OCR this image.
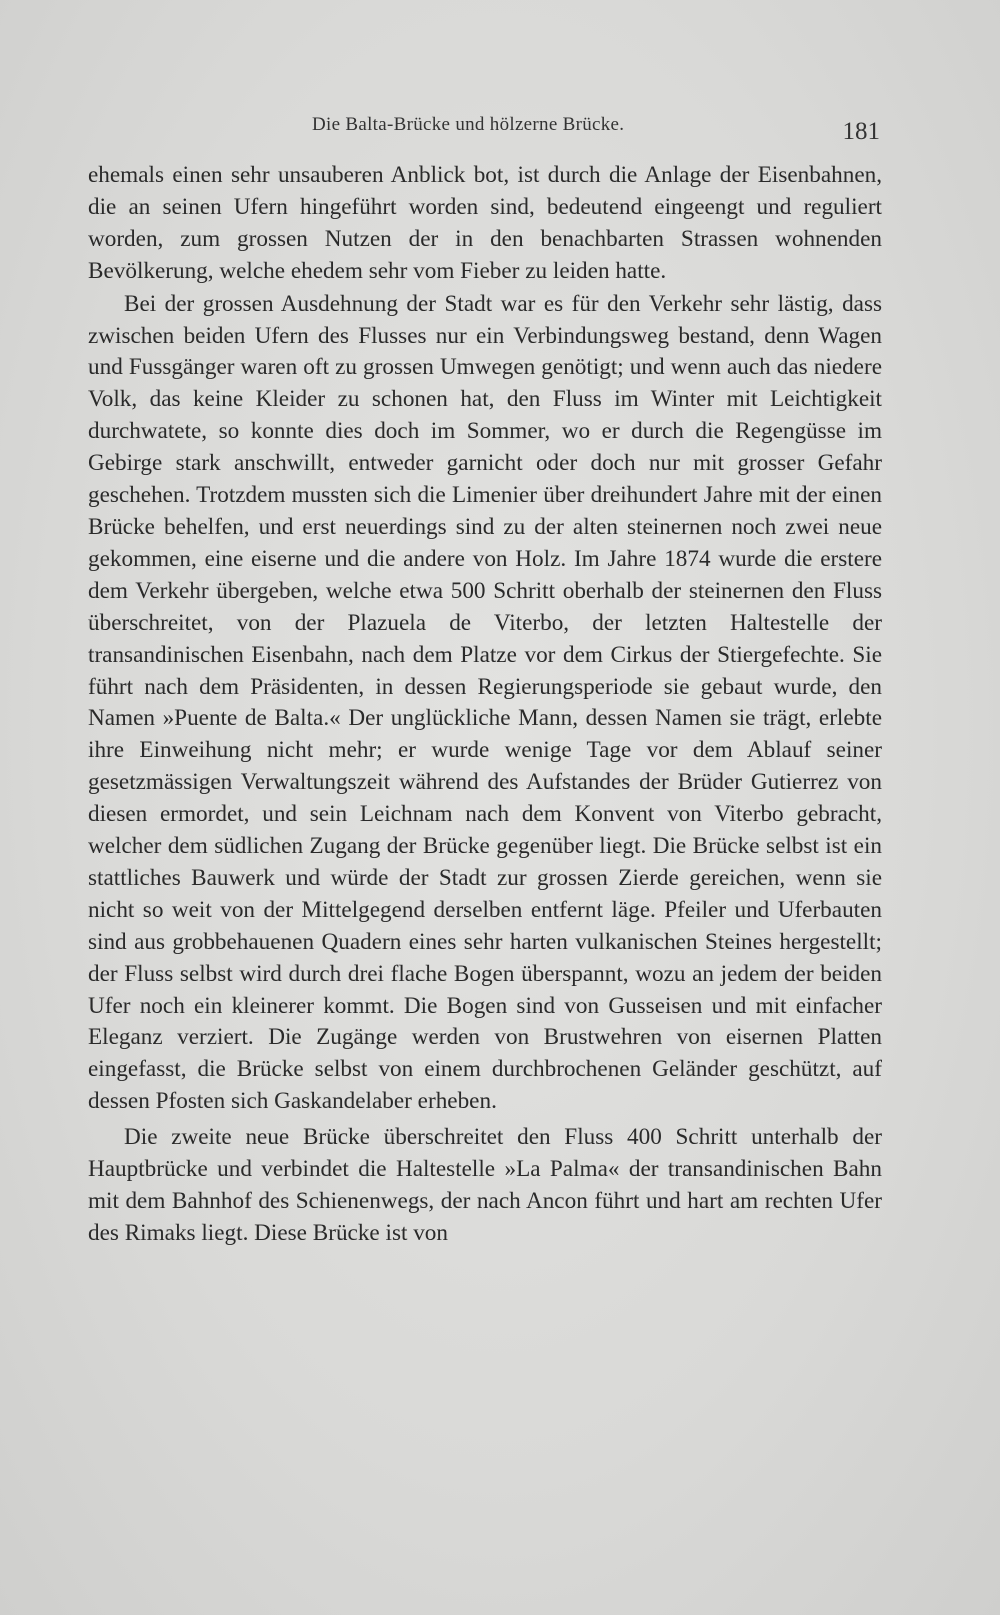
Die Balta-Brücke und hölzerne Brücke.	181

ehemals einen sehr unsauberen Anblick bot, ist durch die Anlage der Eisenbahnen, die an seinen Ufern hingeführt worden sind, bedeutend eingeengt und reguliert worden, zum grossen Nutzen der in den benachbarten Strassen wohnenden Bevölkerung, welche ehedem sehr vom Fieber zu leiden hatte.

Bei der grossen Ausdehnung der Stadt war es für den Verkehr sehr lästig, dass zwischen beiden Ufern des Flusses nur ein Verbindungsweg bestand, denn Wagen und Fussgänger waren oft zu grossen Umwegen genötigt; und wenn auch das niedere Volk, das keine Kleider zu schonen hat, den Fluss im Winter mit Leichtigkeit durchwatete, so konnte dies doch im Sommer, wo er durch die Regengüsse im Gebirge stark anschwillt, entweder garnicht oder doch nur mit grosser Gefahr geschehen. Trotzdem mussten sich die Limenier über dreihundert Jahre mit der einen Brücke behelfen, und erst neuerdings sind zu der alten steinernen noch zwei neue gekommen, eine eiserne und die andere von Holz. Im Jahre 1874 wurde die erstere dem Verkehr übergeben, welche etwa 500 Schritt oberhalb der steinernen den Fluss überschreitet, von der Plazuela de Viterbo, der letzten Haltestelle der transandinischen Eisenbahn, nach dem Platze vor dem Cirkus der Stiergefechte. Sie führt nach dem Präsidenten, in dessen Regierungsperiode sie gebaut wurde, den Namen »Puente de Balta.« Der unglückliche Mann, dessen Namen sie trägt, erlebte ihre Einweihung nicht mehr; er wurde wenige Tage vor dem Ablauf seiner gesetzmässigen Verwaltungszeit während des Aufstandes der Brüder Gutierrez von diesen ermordet, und sein Leichnam nach dem Konvent von Viterbo gebracht, welcher dem südlichen Zugang der Brücke gegenüber liegt. Die Brücke selbst ist ein stattliches Bauwerk und würde der Stadt zur grossen Zierde gereichen, wenn sie nicht so weit von der Mittelgegend derselben entfernt läge. Pfeiler und Uferbauten sind aus grobbehauenen Quadern eines sehr harten vulkanischen Steines hergestellt; der Fluss selbst wird durch drei flache Bogen überspannt, wozu an jedem der beiden Ufer noch ein kleinerer kommt. Die Bogen sind von Gusseisen und mit einfacher Eleganz verziert. Die Zugänge werden von Brustwehren von eisernen Platten eingefasst, die Brücke selbst von einem durchbrochenen Geländer geschützt, auf dessen Pfosten sich Gaskandelaber erheben.

Die zweite neue Brücke überschreitet den Fluss 400 Schritt unterhalb der Hauptbrücke und verbindet die Haltestelle »La Palma« der transandinischen Bahn mit dem Bahnhof des Schienenwegs, der nach Ancon führt und hart am rechten Ufer des Rimaks liegt. Diese Brücke ist von
